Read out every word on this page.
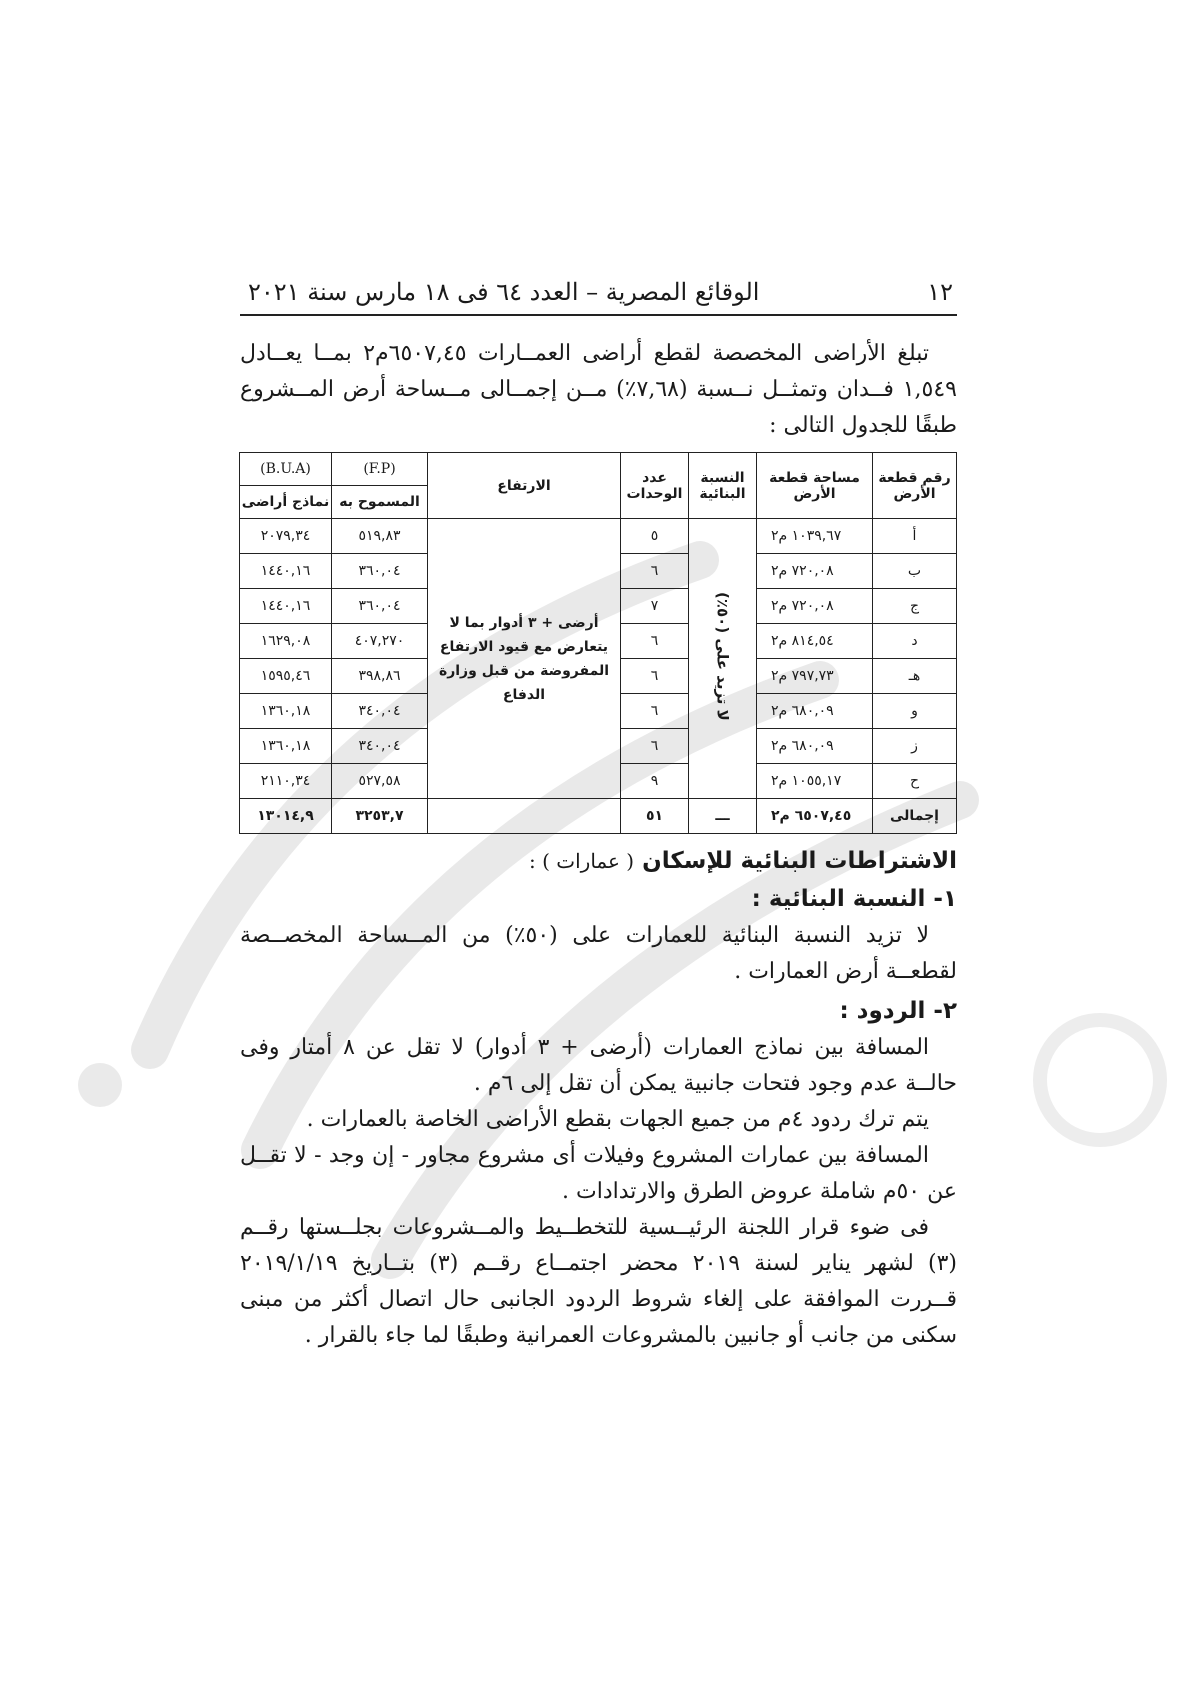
١٢
الوقائع المصرية – العدد ٦٤ فى ١٨ مارس سنة ٢٠٢١

تبلغ الأراضى المخصصة لقطع أراضى العمــارات ٦٥٠٧,٤٥م٢ بمــا يعــادل ١,٥٤٩ فــدان وتمثــل نــسبة (٧,٦٨٪) مــن إجمــالى مــساحة أرض المــشروع طبقًا للجدول التالى :

رقم قطعة الأرض	مساحة قطعة الأرض	النسبة البنائية	عدد الوحدات	الارتفاع	(F.P)	(B.U.A)
					المسموح به	نماذج أراضى
أ	١٠٣٩,٦٧ م٢	لا تزيد على (٥٠٪)	٥	أرضى + ٣ أدوار بما لا يتعارض مع قيود الارتفاع المفروضة من قبل وزارة الدفاع	٥١٩,٨٣	٢٠٧٩,٣٤
ب	٧٢٠,٠٨ م٢		٦		٣٦٠,٠٤	١٤٤٠,١٦
ج	٧٢٠,٠٨ م٢		٧		٣٦٠,٠٤	١٤٤٠,١٦
د	٨١٤,٥٤ م٢		٦		٤٠٧,٢٧٠	١٦٢٩,٠٨
هـ	٧٩٧,٧٣ م٢		٦		٣٩٨,٨٦	١٥٩٥,٤٦
و	٦٨٠,٠٩ م٢		٦		٣٤٠,٠٤	١٣٦٠,١٨
ز	٦٨٠,٠٩ م٢		٦		٣٤٠,٠٤	١٣٦٠,١٨
ح	١٠٥٥,١٧ م٢		٩		٥٢٧,٥٨	٢١١٠,٣٤
إجمالى	٦٥٠٧,٤٥ م٢	ـــ	٥١		٣٢٥٣,٧	١٣٠١٤,٩
الاشتراطات البنائية للإسكان ( عمارات ) :
١- النسبة البنائية :

لا تزيد النسبة البنائية للعمارات على (٥٠٪) من المــساحة المخصــصة لقطعــة أرض العمارات .

٢- الردود :

المسافة بين نماذج العمارات (أرضى + ٣ أدوار) لا تقل عن ٨ أمتار وفى حالــة عدم وجود فتحات جانبية يمكن أن تقل إلى ٦م .

يتم ترك ردود ٤م من جميع الجهات بقطع الأراضى الخاصة بالعمارات .

المسافة بين عمارات المشروع وفيلات أى مشروع مجاور - إن وجد - لا تقــل عن ٥٠م شاملة عروض الطرق والارتدادات .

فى ضوء قرار اللجنة الرئيــسية للتخطــيط والمــشروعات بجلــستها رقــم (٣) لشهر يناير لسنة ٢٠١٩ محضر اجتمــاع رقــم (٣) بتــاريخ ٢٠١٩/١/١٩ قــررت الموافقة على إلغاء شروط الردود الجانبى حال اتصال أكثر من مبنى سكنى من جانب أو جانبين بالمشروعات العمرانية وطبقًا لما جاء بالقرار .
